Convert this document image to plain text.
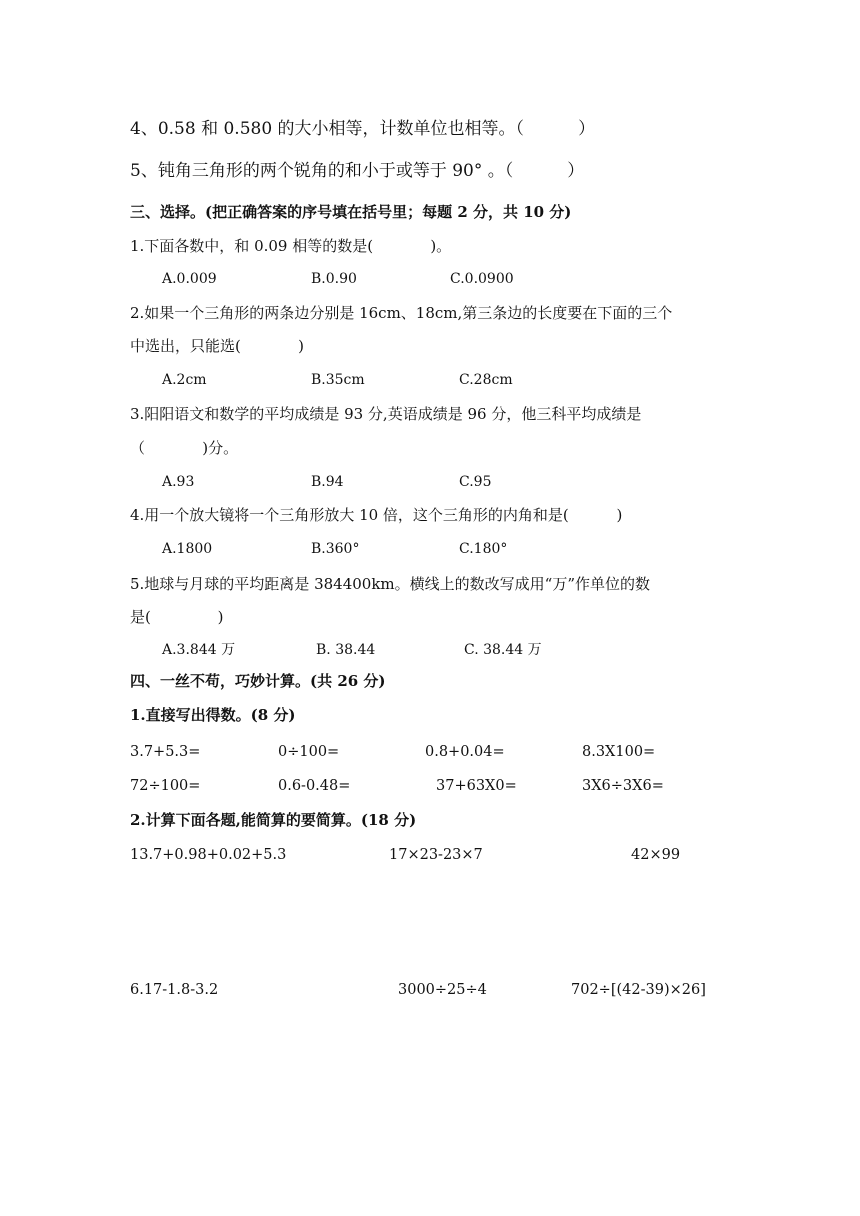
4、0.58 和 0.580 的大小相等，计数单位也相等。（          ）
5、钝角三角形的两个锐角的和小于或等于 90° 。（          ）
三、选择。(把正确答案的序号填在括号里；每题 2 分，共 10 分)
1.下面各数中，和 0.09 相等的数是(            )。
A.0.009	B.0.90	C.0.0900
2.如果一个三角形的两条边分别是 16cm、18cm,第三条边的长度要在下面的三个
中选出，只能选(            )
A.2cm	B.35cm	C.28cm
3.阳阳语文和数学的平均成绩是 93 分,英语成绩是 96 分，他三科平均成绩是
（            )分。
A.93	B.94	C.95
4.用一个放大镜将一个三角形放大 10 倍，这个三角形的内角和是(          )
A.1800	B.360°	C.180°
5.地球与月球的平均距离是 384400km。横线上的数改写成用“万”作单位的数
是(              )
A.3.844 万	B. 38.44	C. 38.44 万
四、一丝不苟，巧妙计算。(共 26 分)
1.直接写出得数。(8 分)
3.7+5.3=	0÷100=	0.8+0.04=	8.3X100=
72÷100=	0.6-0.48=	37+63X0=	3X6÷3X6=
2.计算下面各题,能简算的要简算。(18 分)
13.7+0.98+0.02+5.3	17×23-23×7	42×99
6.17-1.8-3.2	3000÷25÷4	702÷[(42-39)×26]
